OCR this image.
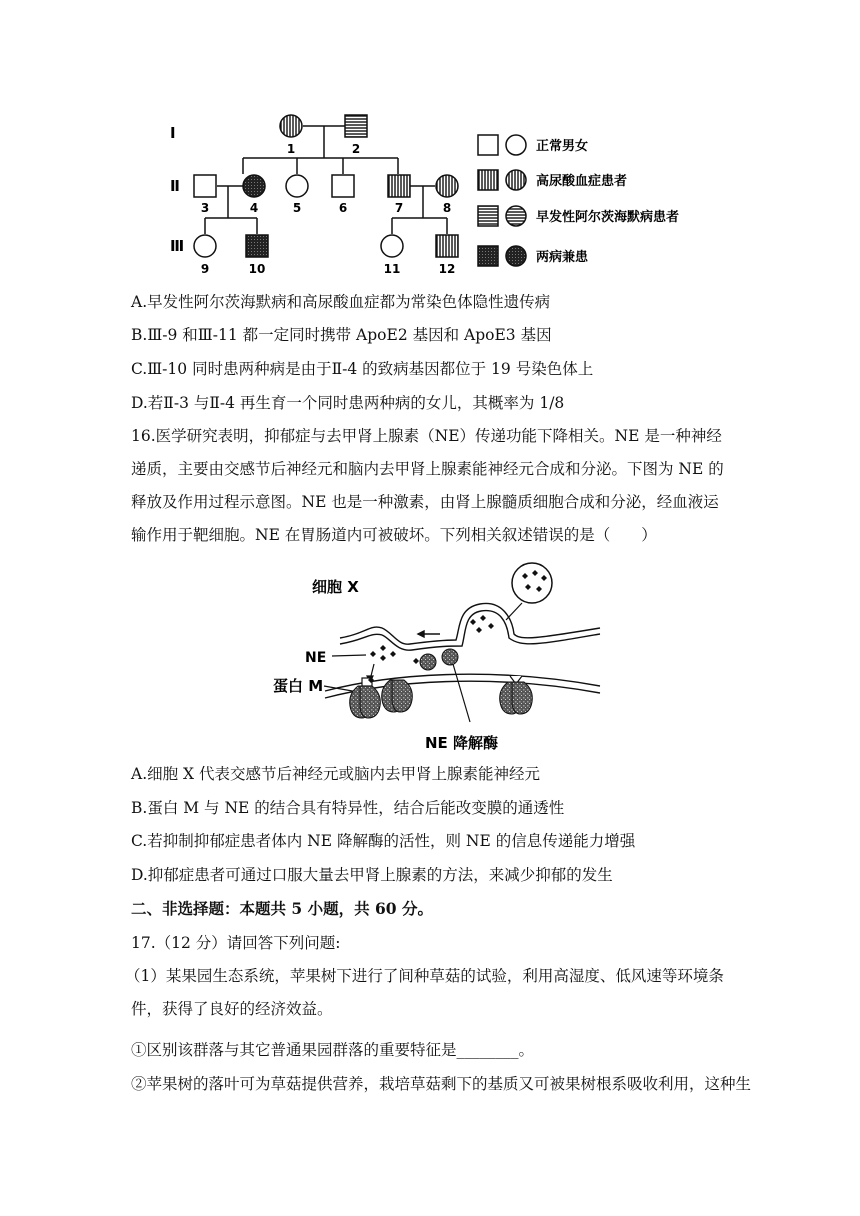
Ⅰ
Ⅱ
Ⅲ
1	2
3	4	5	6	7	8
9	10	11	12
正常男女
高尿酸血症患者
早发性阿尔茨海默病患者
两病兼患
A.早发性阿尔茨海默病和高尿酸血症都为常染色体隐性遗传病
B.Ⅲ-9 和Ⅲ-11 都一定同时携带 ApoE2 基因和 ApoE3 基因
C.Ⅲ-10 同时患两种病是由于Ⅱ-4 的致病基因都位于 19 号染色体上
D.若Ⅱ-3 与Ⅱ-4 再生育一个同时患两种病的女儿，其概率为 1/8
16.医学研究表明，抑郁症与去甲肾上腺素（NE）传递功能下降相关。NE 是一种神经递质，主要由交感节后神经元和脑内去甲肾上腺素能神经元合成和分泌。下图为 NE 的释放及作用过程示意图。NE 也是一种激素，由肾上腺髓质细胞合成和分泌，经血液运输作用于靶细胞。NE 在胃肠道内可被破坏。下列相关叙述错误的是（　　）
细胞 X
NE
蛋白 M
NE 降解酶
A.细胞 X 代表交感节后神经元或脑内去甲肾上腺素能神经元
B.蛋白 M 与 NE 的结合具有特异性，结合后能改变膜的通透性
C.若抑制抑郁症患者体内 NE 降解酶的活性，则 NE 的信息传递能力增强
D.抑郁症患者可通过口服大量去甲肾上腺素的方法，来减少抑郁的发生
二、非选择题：本题共 5 小题，共 60 分。
17.（12 分）请回答下列问题:
（1）某果园生态系统，苹果树下进行了间种草菇的试验，利用高湿度、低风速等环境条件，获得了良好的经济效益。
①区别该群落与其它普通果园群落的重要特征是________。
②苹果树的落叶可为草菇提供营养，栽培草菇剩下的基质又可被果树根系吸收利用，这种生
